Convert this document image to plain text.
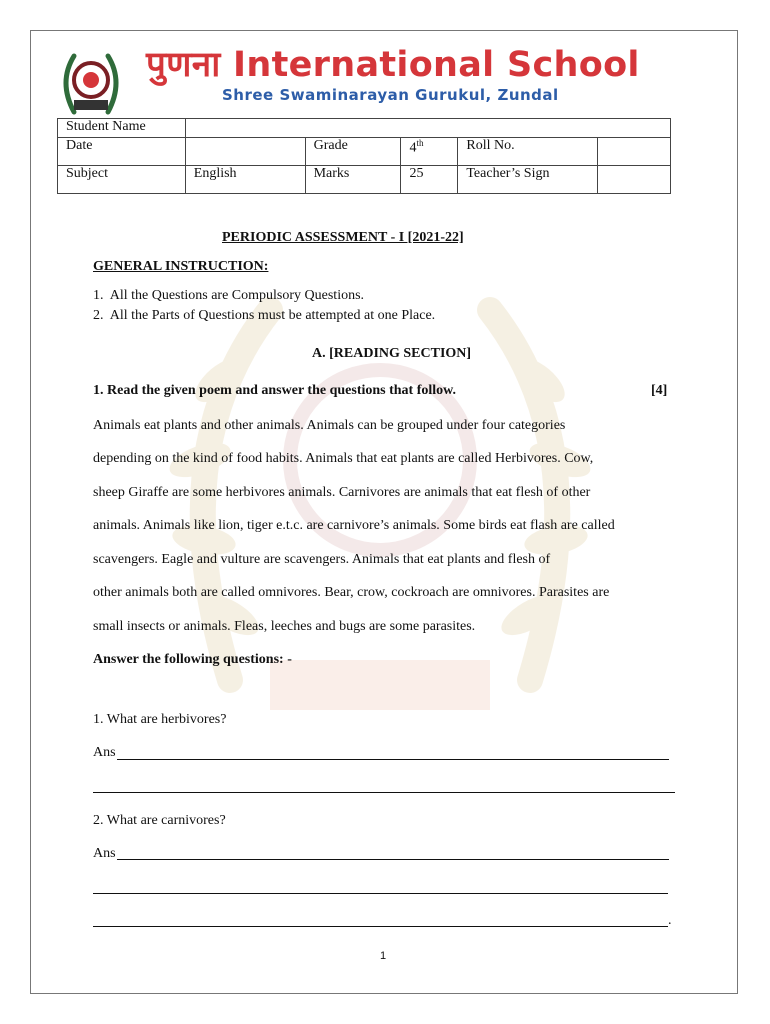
पुणना International School
Shree Swaminarayan Gurukul, Zundal
Student Name					
Date		Grade	4th	Roll No.	
Subject	English	Marks	25	Teacher’s Sign	
PERIODIC ASSESSMENT - I [2021-22]
GENERAL INSTRUCTION:
1.  All the Questions are Compulsory Questions.
2.  All the Parts of Questions must be attempted at one Place.
A. [READING SECTION]
1. Read the given poem and answer the questions that follow.	[4]
Animals eat plants and other animals. Animals can be grouped under four categories
depending on the kind of food habits. Animals that eat plants are called Herbivores. Cow,
sheep Giraffe are some herbivores animals. Carnivores are animals that eat flesh of other
animals. Animals like lion, tiger e.t.c. are carnivore’s animals. Some birds eat flash are called
scavengers. Eagle and vulture are scavengers. Animals that eat plants and flesh of
other animals both are called omnivores. Bear, crow, cockroach are omnivores. Parasites are
small insects or animals. Fleas, leeches and bugs are some parasites.
Answer the following questions: -
1. What are herbivores?
Ans
2. What are carnivores?
Ans
.
1
